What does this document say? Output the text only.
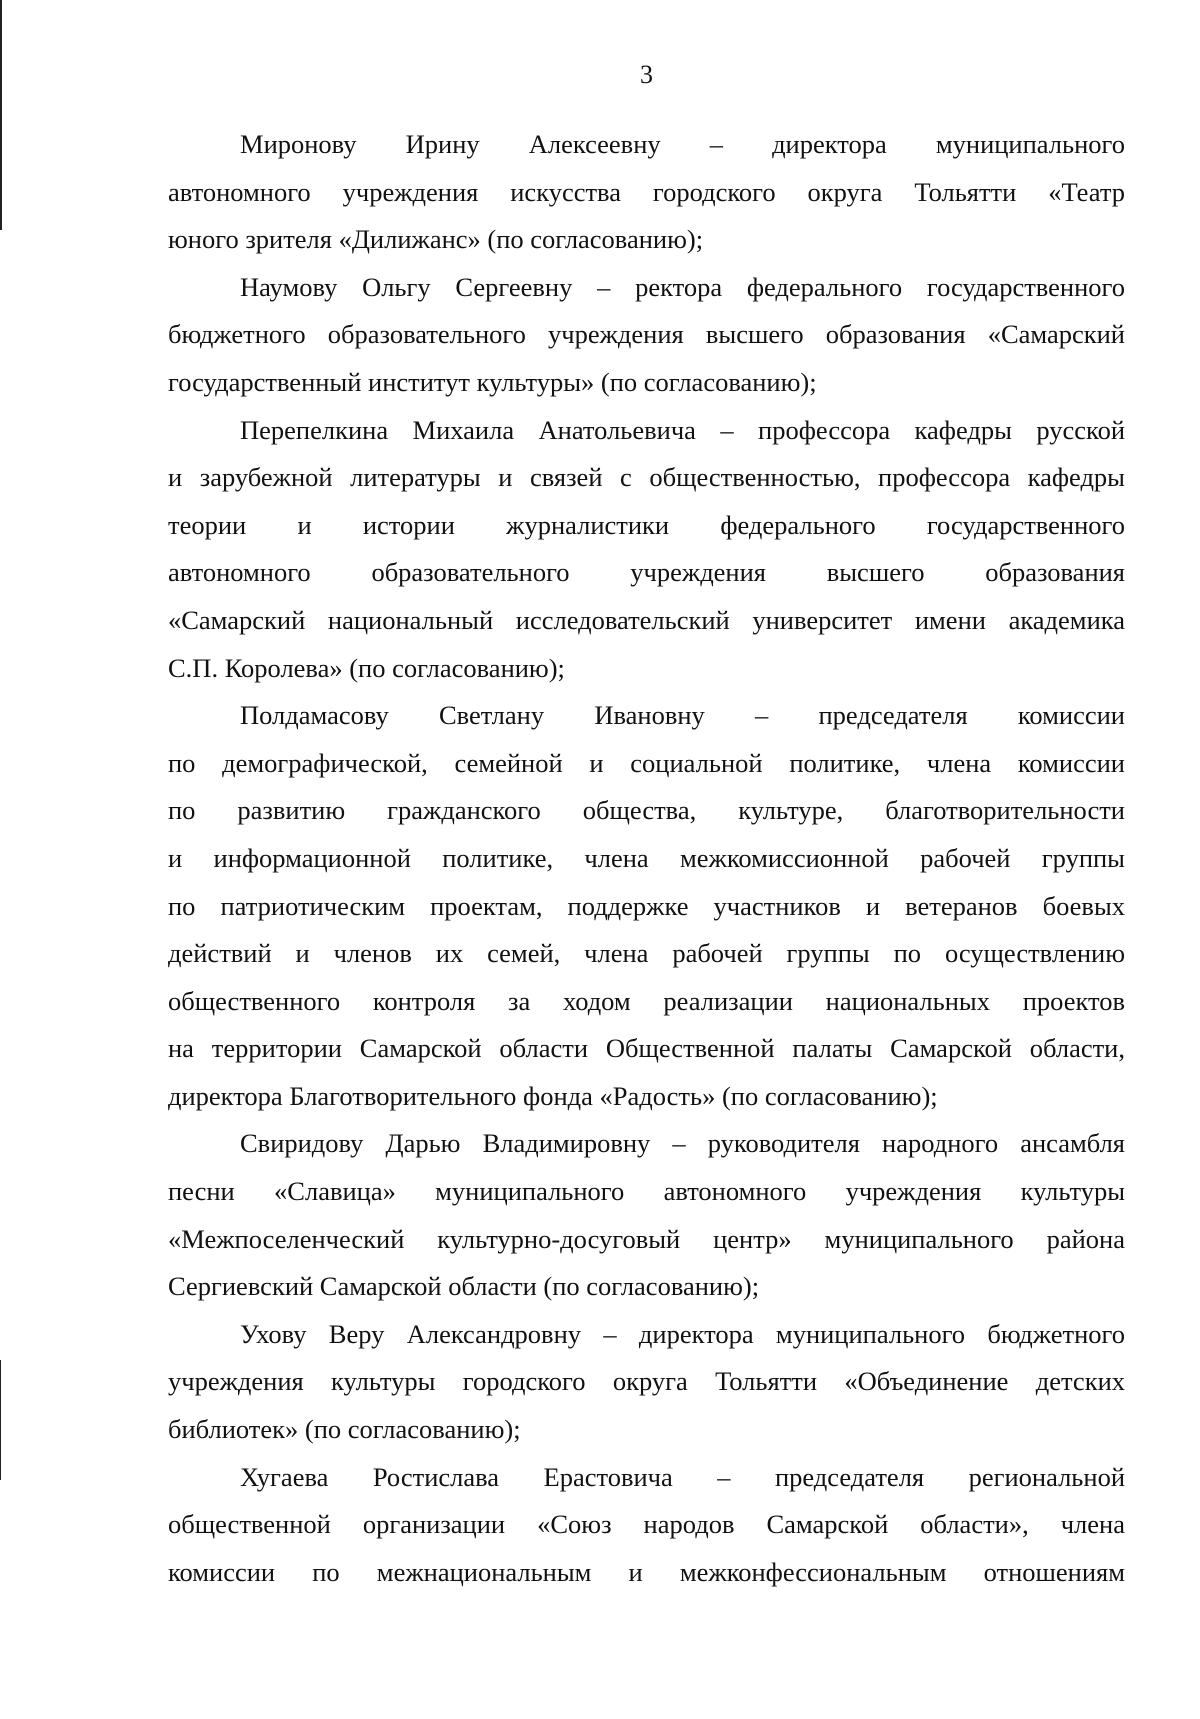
3
Миронову Ирину Алексеевну – директора муниципального
автономного учреждения искусства городского округа Тольятти «Театр
юного зрителя «Дилижанс» (по согласованию);
Наумову Ольгу Сергеевну – ректора федерального государственного
бюджетного образовательного учреждения высшего образования «Самарский
государственный институт культуры» (по согласованию);
Перепелкина Михаила Анатольевича – профессора кафедры русской
и зарубежной литературы и связей с общественностью, профессора кафедры
теории и истории журналистики федерального государственного
автономного образовательного учреждения высшего образования
«Самарский национальный исследовательский университет имени академика
С.П. Королева» (по согласованию);
Полдамасову Светлану Ивановну – председателя комиссии
по демографической, семейной и социальной политике, члена комиссии
по развитию гражданского общества, культуре, благотворительности
и информационной политике, члена межкомиссионной рабочей группы
по патриотическим проектам, поддержке участников и ветеранов боевых
действий и членов их семей, члена рабочей группы по осуществлению
общественного контроля за ходом реализации национальных проектов
на территории Самарской области Общественной палаты Самарской области,
директора Благотворительного фонда «Радость» (по согласованию);
Свиридову Дарью Владимировну – руководителя народного ансамбля
песни «Славица» муниципального автономного учреждения культуры
«Межпоселенческий культурно-досуговый центр» муниципального района
Сергиевский Самарской области (по согласованию);
Ухову Веру Александровну – директора муниципального бюджетного
учреждения культуры городского округа Тольятти «Объединение детских
библиотек» (по согласованию);
Хугаева Ростислава Ерастовича – председателя региональной
общественной организации «Союз народов Самарской области», члена
комиссии по межнациональным и межконфессиональным отношениям
